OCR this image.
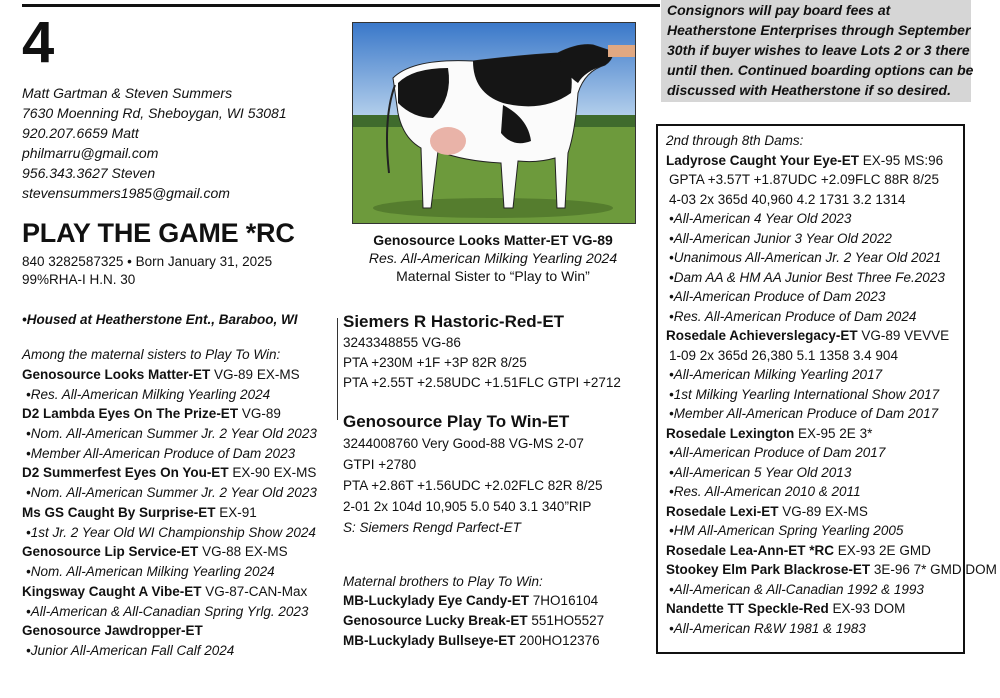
4
Matt Gartman & Steven Summers
7630 Moenning Rd, Sheboygan, WI 53081
920.207.6659 Matt
philmarru@gmail.com
956.343.3627 Steven
stevensummers1985@gmail.com
PLAY THE GAME *RC
840 3282587325 • Born January 31, 2025
99%RHA-I H.N. 30
•Housed at Heatherstone Ent., Baraboo, WI
Among the maternal sisters to Play To Win:
Genosource Looks Matter-ET VG-89 EX-MS
•Res. All-American Milking Yearling 2024
D2 Lambda Eyes On The Prize-ET VG-89
•Nom. All-American Summer Jr. 2 Year Old 2023
•Member All-American Produce of Dam 2023
D2 Summerfest Eyes On You-ET EX-90 EX-MS
•Nom. All-American Summer Jr. 2 Year Old 2023
Ms GS Caught By Surprise-ET EX-91
•1st Jr. 2 Year Old WI Championship Show 2024
Genosource Lip Service-ET VG-88 EX-MS
•Nom. All-American Milking Yearling 2024
Kingsway Caught A Vibe-ET VG-87-CAN-Max
•All-American & All-Canadian Spring Yrlg. 2023
Genosource Jawdropper-ET
•Junior All-American Fall Calf 2024
Genosource Looks Matter-ET VG-89
Res. All-American Milking Yearling 2024
Maternal Sister to “Play to Win”
Siemers R Hastoric-Red-ET
3243348855 VG-86
PTA +230M +1F +3P 82R 8/25
PTA +2.55T +2.58UDC +1.51FLC GTPI +2712
Genosource Play To Win-ET
3244008760 Very Good-88 VG-MS 2-07
GTPI +2780
PTA +2.86T +1.56UDC +2.02FLC 82R 8/25
2-01 2x 104d 10,905 5.0 540 3.1 340”RIP
S: Siemers Rengd Parfect-ET
Maternal brothers to Play To Win:
MB-Luckylady Eye Candy-ET 7HO16104
Genosource Lucky Break-ET 551HO5527
MB-Luckylady Bullseye-ET 200HO12376
Consignors will pay board fees at
Heatherstone Enterprises through September
30th if buyer wishes to leave Lots 2 or 3 there
until then. Continued boarding options can be
discussed with Heatherstone if so desired.
2nd through 8th Dams:
Ladyrose Caught Your Eye-ET EX-95 MS:96
GPTA +3.57T +1.87UDC +2.09FLC 88R 8/25
4-03 2x 365d 40,960 4.2 1731 3.2 1314
•All-American 4 Year Old 2023
•All-American Junior 3 Year Old 2022
•Unanimous All-American Jr. 2 Year Old 2021
•Dam AA & HM AA Junior Best Three Fe.2023
•All-American Produce of Dam 2023
•Res. All-American Produce of Dam 2024
Rosedale Achieverslegacy-ET VG-89 VEVVE
1-09 2x 365d 26,380 5.1 1358 3.4 904
•All-American Milking Yearling 2017
•1st Milking Yearling International Show 2017
•Member All-American Produce of Dam 2017
Rosedale Lexington EX-95 2E 3*
•All-American Produce of Dam 2017
•All-American 5 Year Old 2013
•Res. All-American 2010 & 2011
Rosedale Lexi-ET VG-89 EX-MS
•HM All-American Spring Yearling 2005
Rosedale Lea-Ann-ET *RC EX-93 2E GMD
Stookey Elm Park Blackrose-ET 3E-96 7* GMD DOM
•All-American & All-Canadian 1992 & 1993
Nandette TT Speckle-Red EX-93 DOM
•All-American R&W 1981 & 1983
